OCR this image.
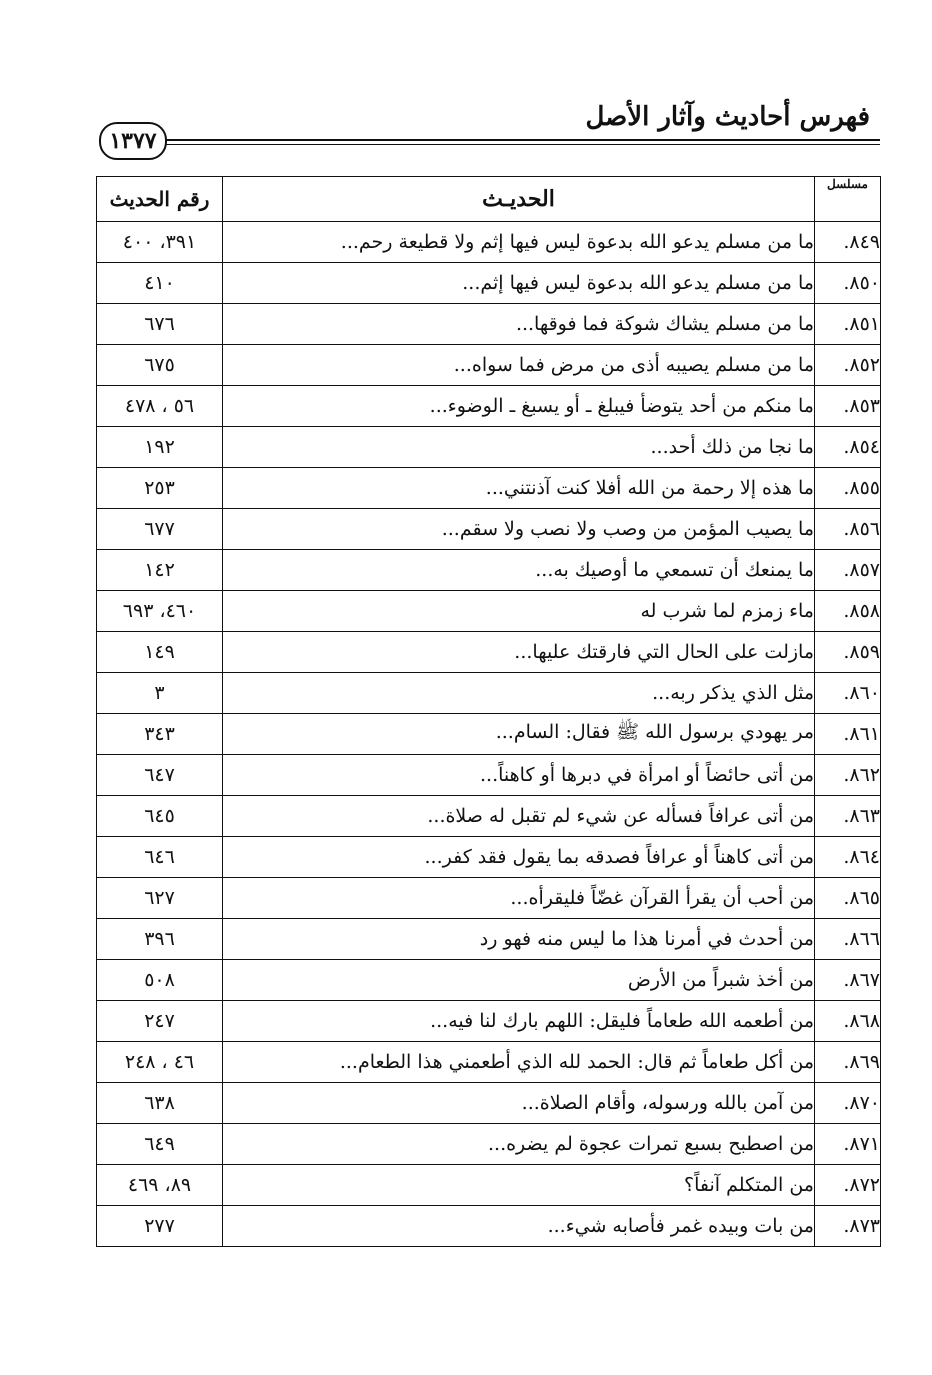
فهرس أحاديث وآثار الأصل
١٣٧٧
رقم الحديث	الحديـث	مسلسل
٣٩١، ٤٠٠	ما من مسلم يدعو الله بدعوة ليس فيها إثم ولا قطيعة رحم...	٨٤٩.
٤١٠	ما من مسلم يدعو الله بدعوة ليس فيها إثم...	٨٥٠.
٦٧٦	ما من مسلم يشاك شوكة فما فوقها...	٨٥١.
٦٧٥	ما من مسلم يصيبه أذى من مرض فما سواه...	٨٥٢.
٥٦ ، ٤٧٨	ما منكم من أحد يتوضأ فيبلغ ـ أو يسبغ ـ الوضوء...	٨٥٣.
١٩٢	ما نجا من ذلك أحد...	٨٥٤.
٢٥٣	ما هذه إلا رحمة من الله أفلا كنت آذنتني...	٨٥٥.
٦٧٧	ما يصيب المؤمن من وصب ولا نصب ولا سقم...	٨٥٦.
١٤٢	ما يمنعك أن تسمعي ما أوصيك به...	٨٥٧.
٤٦٠، ٦٩٣	ماء زمزم لما شرب له	٨٥٨.
١٤٩	مازلت على الحال التي فارقتك عليها...	٨٥٩.
٣	مثل الذي يذكر ربه...	٨٦٠.
٣٤٣	مر يهودي برسول الله ﷺ فقال: السام...	٨٦١.
٦٤٧	من أتى حائضاً أو امرأة في دبرها أو كاهناً...	٨٦٢.
٦٤٥	من أتى عرافاً فسأله عن شيء لم تقبل له صلاة...	٨٦٣.
٦٤٦	من أتى كاهناً أو عرافاً فصدقه بما يقول فقد كفر...	٨٦٤.
٦٢٧	من أحب أن يقرأ القرآن غضّاً فليقرأه...	٨٦٥.
٣٩٦	من أحدث في أمرنا هذا ما ليس منه فهو رد	٨٦٦.
٥٠٨	من أخذ شبراً من الأرض	٨٦٧.
٢٤٧	من أطعمه الله طعاماً فليقل: اللهم بارك لنا فيه...	٨٦٨.
٤٦ ، ٢٤٨	من أكل طعاماً ثم قال: الحمد لله الذي أطعمني هذا الطعام...	٨٦٩.
٦٣٨	من آمن بالله ورسوله، وأقام الصلاة...	٨٧٠.
٦٤٩	من اصطبح بسبع تمرات عجوة لم يضره...	٨٧١.
٨٩، ٤٦٩	من المتكلم آنفاً؟	٨٧٢.
٢٧٧	من بات وبيده غمر فأصابه شيء...	٨٧٣.
